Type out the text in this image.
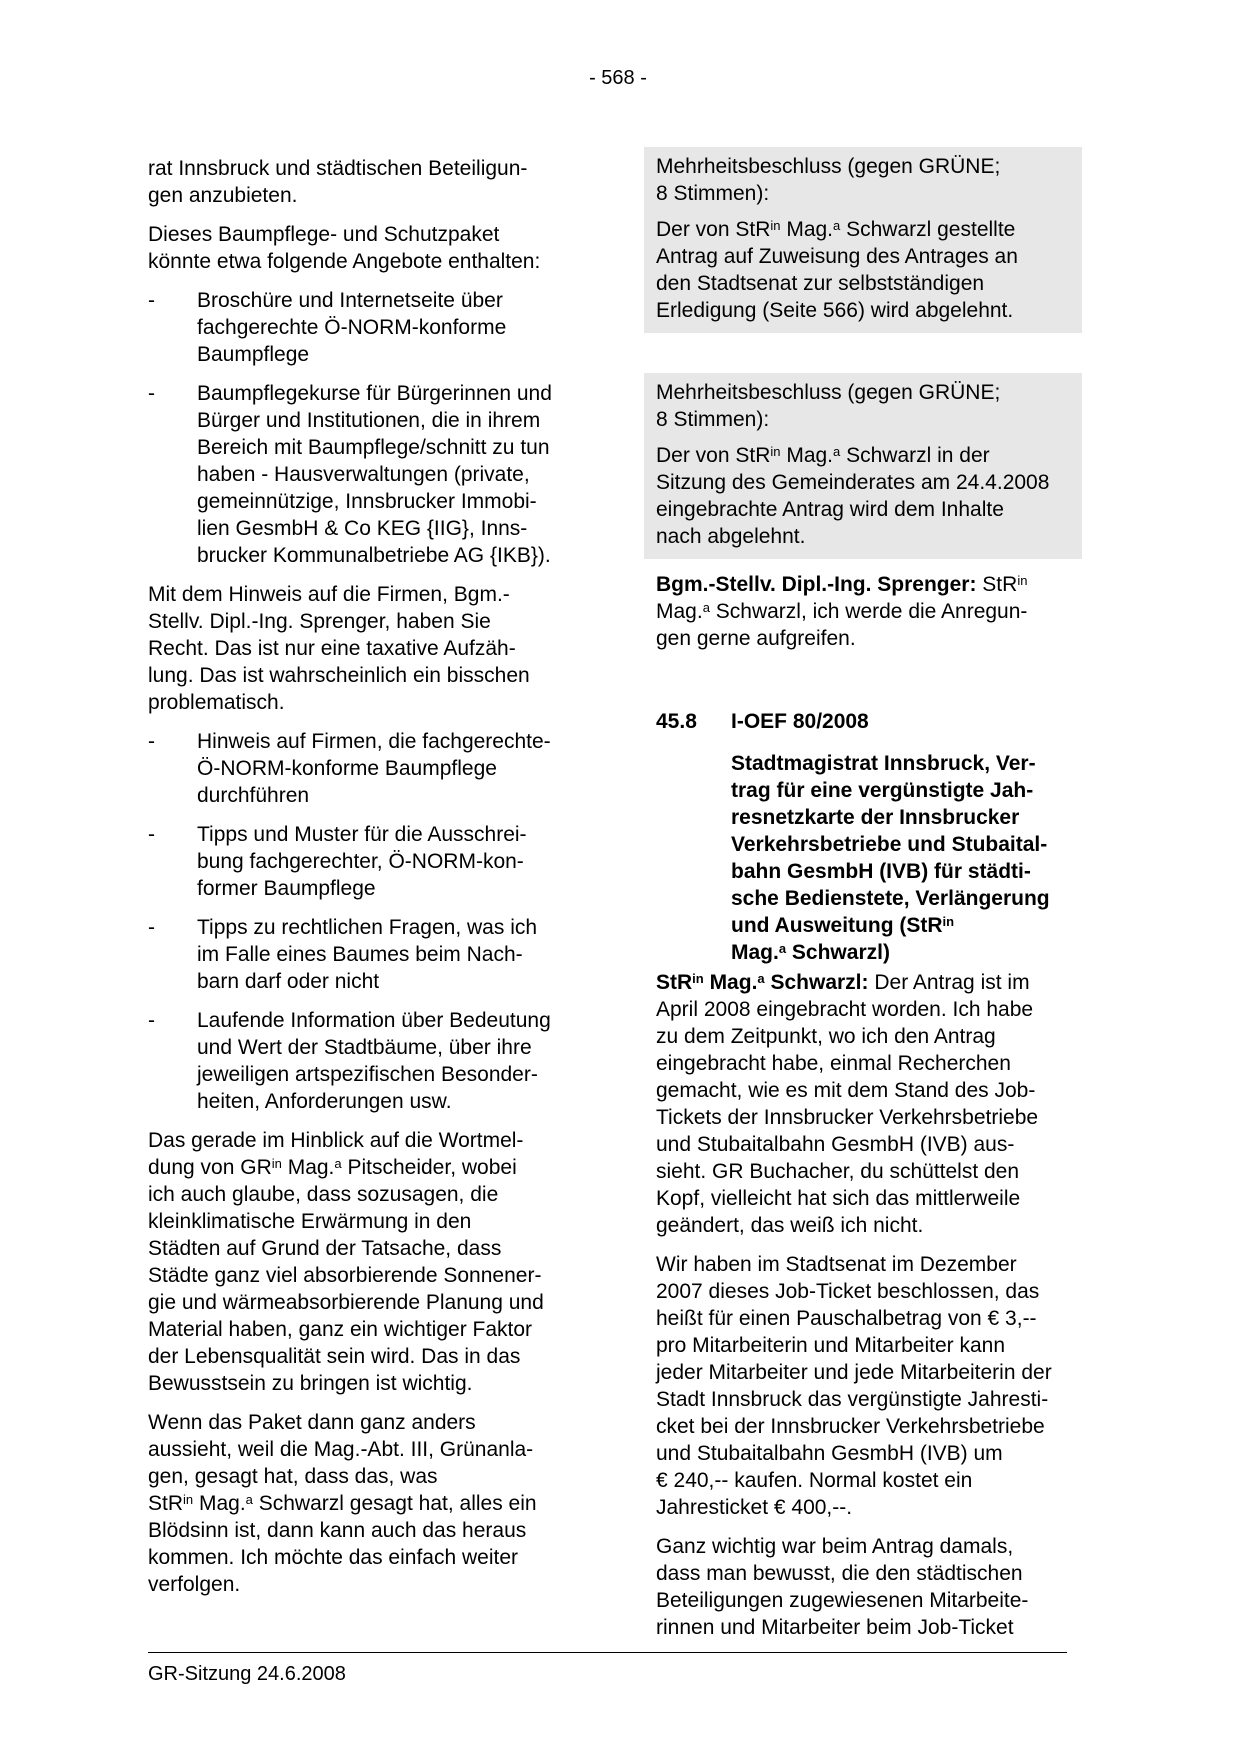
- 568 -
rat Innsbruck und städtischen Beteiligun-
gen anzubieten.
Dieses Baumpflege- und Schutzpaket
könnte etwa folgende Angebote enthalten:
-	Broschüre und Internetseite über
fachgerechte Ö-NORM-konforme
Baumpflege
-	Baumpflegekurse für Bürgerinnen und
Bürger und Institutionen, die in ihrem
Bereich mit Baumpflege/schnitt zu tun
haben - Hausverwaltungen (private,
gemeinnützige, Innsbrucker Immobi-
lien GesmbH & Co KEG {IIG}, Inns-
brucker Kommunalbetriebe AG {IKB}).
Mit dem Hinweis auf die Firmen, Bgm.-
Stellv. Dipl.-Ing. Sprenger, haben Sie
Recht. Das ist nur eine taxative Aufzäh-
lung. Das ist wahrscheinlich ein bisschen
problematisch.
-	Hinweis auf Firmen, die fachgerechte-
Ö-NORM-konforme Baumpflege
durchführen
-	Tipps und Muster für die Ausschrei-
bung fachgerechter, Ö-NORM-kon-
former Baumpflege
-	Tipps zu rechtlichen Fragen, was ich
im Falle eines Baumes beim Nach-
barn darf oder nicht
-	Laufende Information über Bedeutung
und Wert der Stadtbäume, über ihre
jeweiligen artspezifischen Besonder-
heiten, Anforderungen usw.
Das gerade im Hinblick auf die Wortmel-
dung von $GR^{in}$ Mag.$^a$ Pitscheider, wobei
ich auch glaube, dass sozusagen, die
kleinklimatische Erwärmung in den
Städten auf Grund der Tatsache, dass
Städte ganz viel absorbierende Sonnener-
gie und wärmeabsorbierende Planung und
Material haben, ganz ein wichtiger Faktor
der Lebensqualität sein wird. Das in das
Bewusstsein zu bringen ist wichtig.
Wenn das Paket dann ganz anders
aussieht, weil die Mag.-Abt. III, Grünanla-
gen, gesagt hat, dass das, was
StR$^{in}$ Mag.$^a$ Schwarzl gesagt hat, alles ein
Blödsinn ist, dann kann auch das heraus
kommen. Ich möchte das einfach weiter
verfolgen.
Mehrheitsbeschluss (gegen GRÜNE;
8 Stimmen):
Der von StR$^{in}$ Mag.$^a$ Schwarzl gestellte
Antrag auf Zuweisung des Antrages an
den Stadtsenat zur selbstständigen
Erledigung (Seite 566) wird abgelehnt.
Mehrheitsbeschluss (gegen GRÜNE;
8 Stimmen):
Der von StR$^{in}$ Mag.$^a$ Schwarzl in der
Sitzung des Gemeinderates am 24.4.2008
eingebrachte Antrag wird dem Inhalte
nach abgelehnt.
Bgm.-Stellv. Dipl.-Ing. Sprenger: StR$^{in}$
Mag.$^a$ Schwarzl, ich werde die Anregun-
gen gerne aufgreifen.
45.8	I-OEF 80/2008
Stadtmagistrat Innsbruck, Ver-
trag für eine vergünstigte Jah-
resnetzkarte der Innsbrucker
Verkehrsbetriebe und Stubaital-
bahn GesmbH (IVB) für städti-
sche Bedienstete, Verlängerung
und Ausweitung (StR$^{in}$
Mag.$^a$ Schwarzl)
StR$^{in}$ Mag.$^a$ Schwarzl: Der Antrag ist im
April 2008 eingebracht worden. Ich habe
zu dem Zeitpunkt, wo ich den Antrag
eingebracht habe, einmal Recherchen
gemacht, wie es mit dem Stand des Job-
Tickets der Innsbrucker Verkehrsbetriebe
und Stubaitalbahn GesmbH (IVB) aus-
sieht. GR Buchacher, du schüttelst den
Kopf, vielleicht hat sich das mittlerweile
geändert, das weiß ich nicht.
Wir haben im Stadtsenat im Dezember
2007 dieses Job-Ticket beschlossen, das
heißt für einen Pauschalbetrag von € 3,--
pro Mitarbeiterin und Mitarbeiter kann
jeder Mitarbeiter und jede Mitarbeiterin der
Stadt Innsbruck das vergünstigte Jahresti-
cket bei der Innsbrucker Verkehrsbetriebe
und Stubaitalbahn GesmbH (IVB) um
€ 240,-- kaufen. Normal kostet ein
Jahresticket € 400,--.
Ganz wichtig war beim Antrag damals,
dass man bewusst, die den städtischen
Beteiligungen zugewiesenen Mitarbeite-
rinnen und Mitarbeiter beim Job-Ticket
GR-Sitzung 24.6.2008
